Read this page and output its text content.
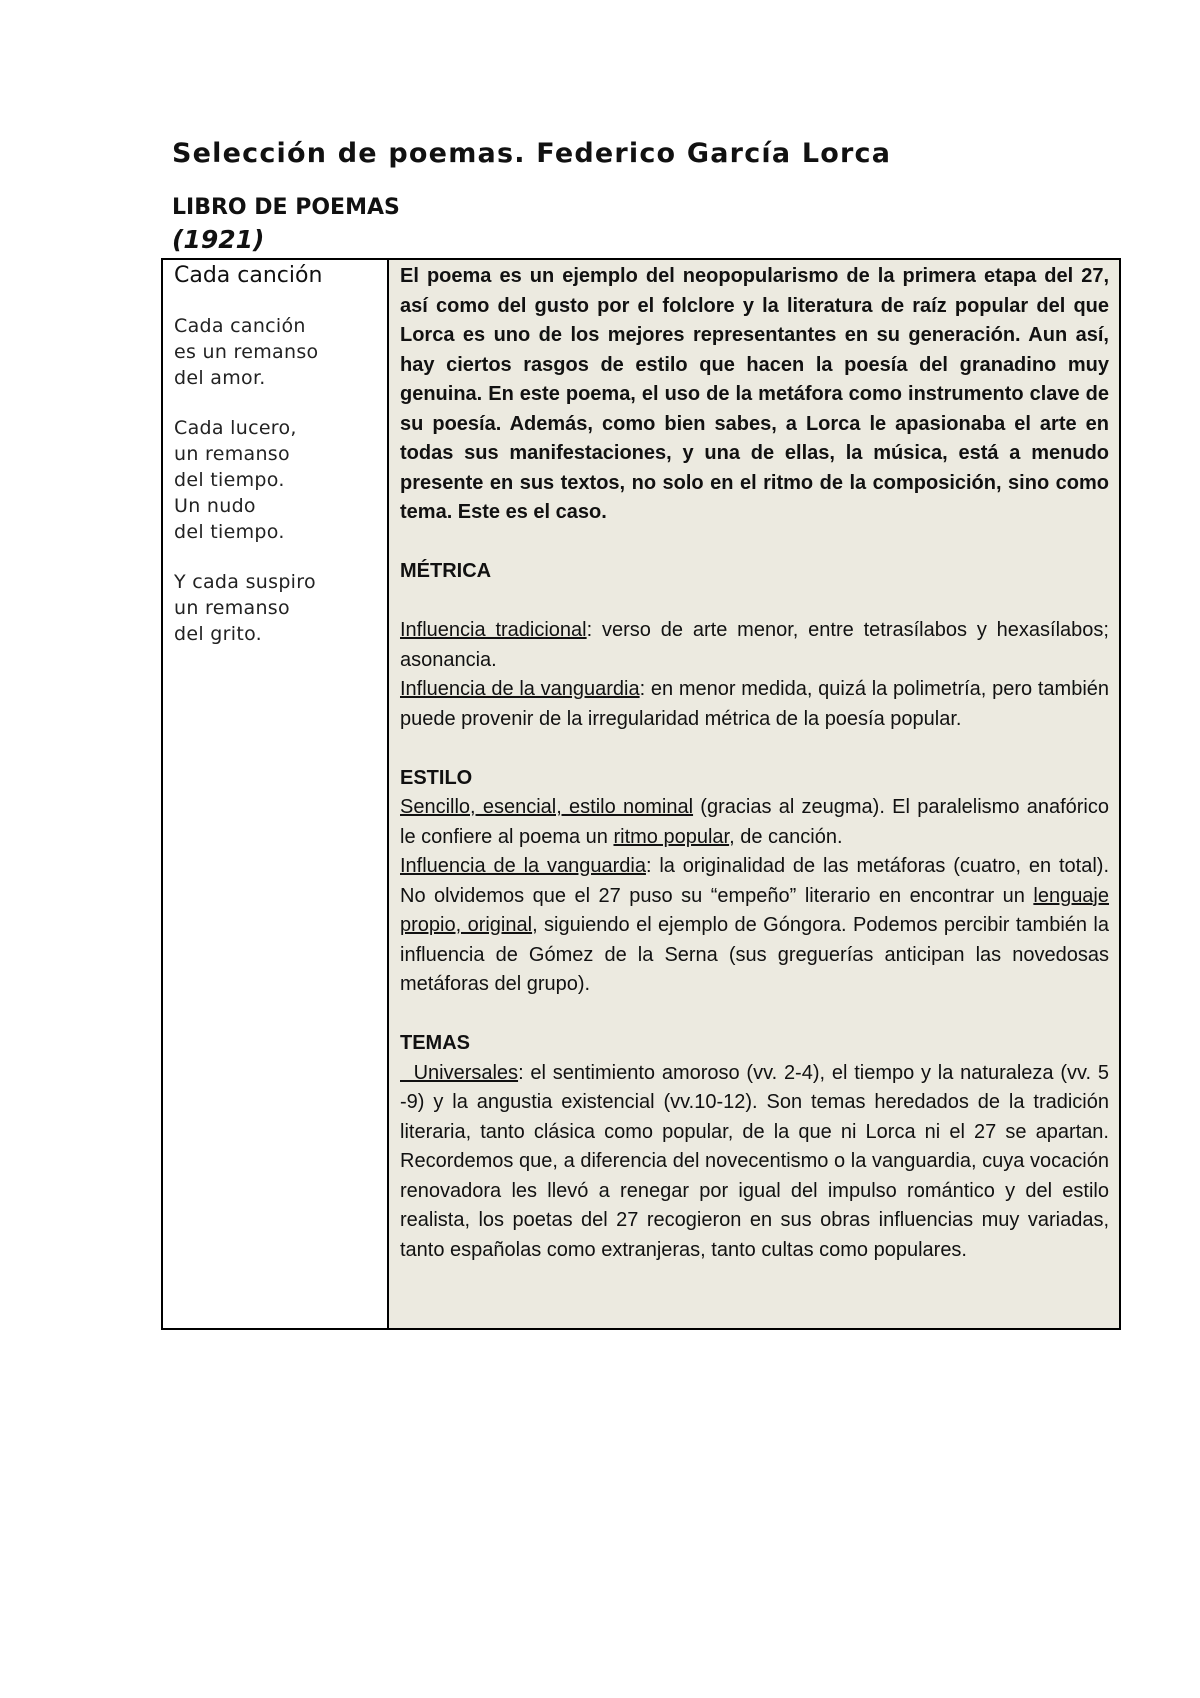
Selección de poemas. Federico García Lorca
LIBRO DE POEMAS
(1921)
Cada canción
Cada canción
es un remanso
del amor.
Cada lucero,
un remanso
del tiempo.
Un nudo
del tiempo.
Y cada suspiro
un remanso
del grito.

El poema es un ejemplo del neopopularismo de la primera etapa del 27, así como del gusto por el folclore y la literatura de raíz popular del que Lorca es uno de los mejores representantes en su generación. Aun así, hay ciertos rasgos de estilo que hacen la poesía del granadino muy genuina. En este poema, el uso de la metáfora como instrumento clave de su poesía. Además, como bien sabes, a Lorca le apasionaba el arte en todas sus manifestaciones, y una de ellas, la música, está a menudo presente en sus textos, no solo en el ritmo de la composición, sino como tema. Este es el caso.

MÉTRICA

Influencia tradicional: verso de arte menor, entre tetrasílabos y hexasílabos; asonancia.

Influencia de la vanguardia: en menor medida, quizá la polimetría, pero también puede provenir de la irregularidad métrica de la poesía popular.

ESTILO

Sencillo, esencial, estilo nominal (gracias al zeugma). El paralelismo anafórico le confiere al poema un ritmo popular, de canción.

Influencia de la vanguardia: la originalidad de las metáforas (cuatro, en total). No olvidemos que el 27 puso su “empeño” literario en encontrar un lenguaje propio, original, siguiendo el ejemplo de Góngora. Podemos percibir también la influencia de Gómez de la Serna (sus greguerías anticipan las novedosas metáforas del grupo).

TEMAS

Universales: el sentimiento amoroso (vv. 2-4), el tiempo y la naturaleza (vv. 5 -9) y la angustia existencial (vv.10-12). Son temas heredados de la tradición literaria, tanto clásica como popular, de la que ni Lorca ni el 27 se apartan. Recordemos que, a diferencia del novecentismo o la vanguardia, cuya vocación renovadora les llevó a renegar por igual del impulso romántico y del estilo realista, los poetas del 27 recogieron en sus obras influencias muy variadas, tanto españolas como extranjeras, tanto cultas como populares.
